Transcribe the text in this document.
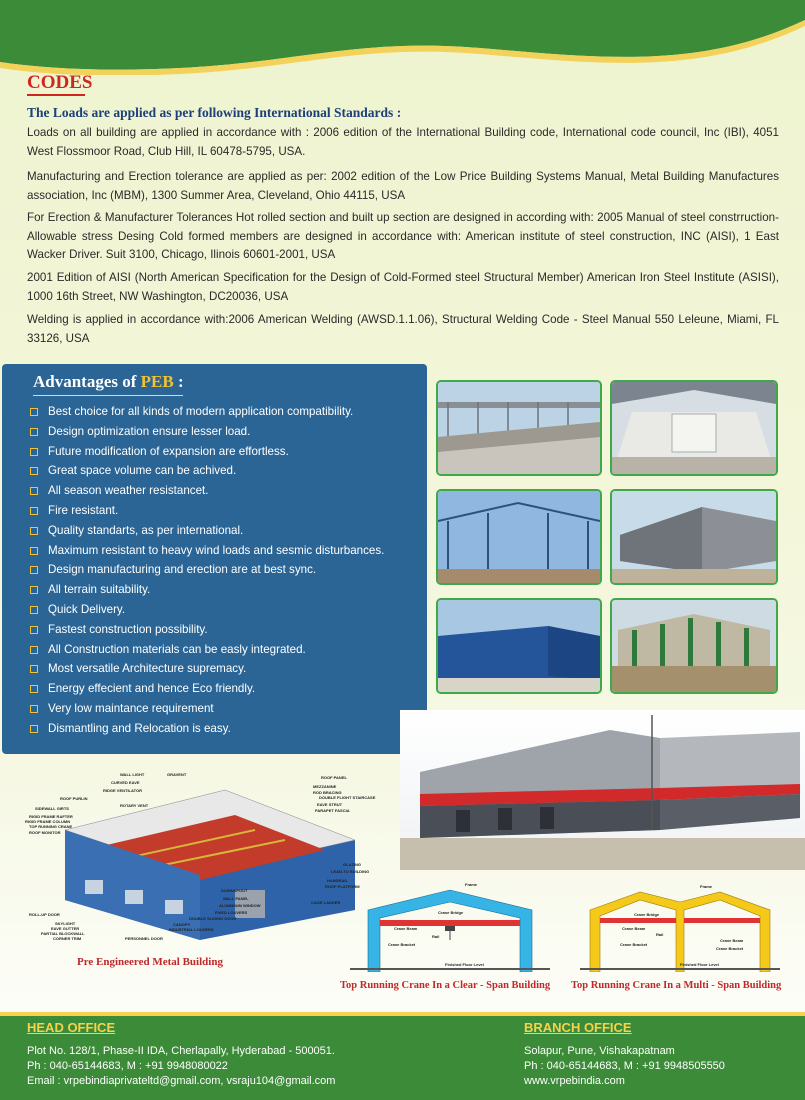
CODES
The Loads are applied as per following International Standards :
Loads on all building are applied in accordance with : 2006 edition of the International Building code, International code council, Inc (IBI), 4051 West Flossmoor Road, Club Hill, IL 60478-5795, USA.
Manufacturing and Erection tolerance are applied as per: 2002 edition of the Low Price Building Systems Manual, Metal Building Manufactures association, Inc (MBM), 1300 Summer Area, Cleveland, Ohio 44115, USA
For Erection & Manufacturer Tolerances Hot rolled section and built up section are designed in according with: 2005 Manual of steel constrruction-Allowable stress Desing Cold formed members are designed in accordance with: American institute of steel construction, INC (AISI), 1 East Wacker Driver. Suit 3100, Chicago, Ilinois 60601-2001, USA
2001 Edition of AISI (North American Specification for the Design of Cold-Formed steel Structural Member) American Iron Steel Institute (ASISI), 1000 16th Street, NW Washington, DC20036, USA
Welding is applied in accordance with:2006 American Welding (AWSD.1.1.06), Structural Welding Code - Steel Manual 550 Leleune, Miami, FL 33126, USA
Advantages of PEB :
Best choice for all kinds of modern application compatibility.
Design optimization ensure lesser load.
Future modification of expansion are effortless.
Great space volume can be achived.
All season weather resistancet.
Fire resistant.
Quality standarts, as per international.
Maximum resistant to heavy wind loads and sesmic disturbances.
Design manufacturing and erection are at best sync.
All terrain suitability.
Quick Delivery.
Fastest construction possibility.
All Construction materials can be easly integrated.
Most versatile Architecture supremacy.
Energy effecient and hence Eco friendly.
Very low maintance requirement
Dismantling and Relocation is easy.
WALL LIGHT	GRAVENT
ROOF PANEL
CURVED EAVE
MEZZANINE
RIDGE VENTILATOR	ROD BRACING
DOUBLE FLIGHT STAIRCASE
ROOF PURLIN
ROTARY VENT	EAVE STRUT
PARAPET FASCIA
SIDEWALL GIRTS
RIGID FRAME RAFTER
RIGID FRAME COLUMN
TOP RUNNING CRANE
ROOF MONITOR
GLAZING
LEAN-TO BUILDING
HANDRAIL
ROOF PLATFORM
DOWNSPOUT
WALL PANEL
CAGE LADDER
ALUMINIUM WINDOW
FIXED LOUVERS
DOUBLE SLIDING DOOR
ROLL-UP DOOR
CANOPY
SKYLIGHT
INDUSTRIAL LOUVERS
EAVE GUTTER
PARTIAL BLOCKWALL
PERSONNEL DOOR
CORNER TRIM
Pre Engineered Metal Building
Frame
Crane Bridge
Crane Beam
Rail
Crane Bracket
Finished Floor Level
Frame
Crane Bridge
Crane Beam
Rail
Crane Bracket
Crane Beam
Crane Bracket
Finished Floor Level
Top Running Crane In a Clear - Span Building Top Running Crane In a Multi - Span Building
HEAD OFFICE
Plot No. 128/1, Phase-II IDA, Cherlapally, Hyderabad - 500051.
Ph : 040-65144683, M : +91 9948080022
Email : vrpebindiaprivateltd@gmail.com, vsraju104@gmail.com
BRANCH OFFICE
Solapur, Pune, Vishakapatnam
Ph : 040-65144683, M : +91 9948505550
www.vrpebindia.com
